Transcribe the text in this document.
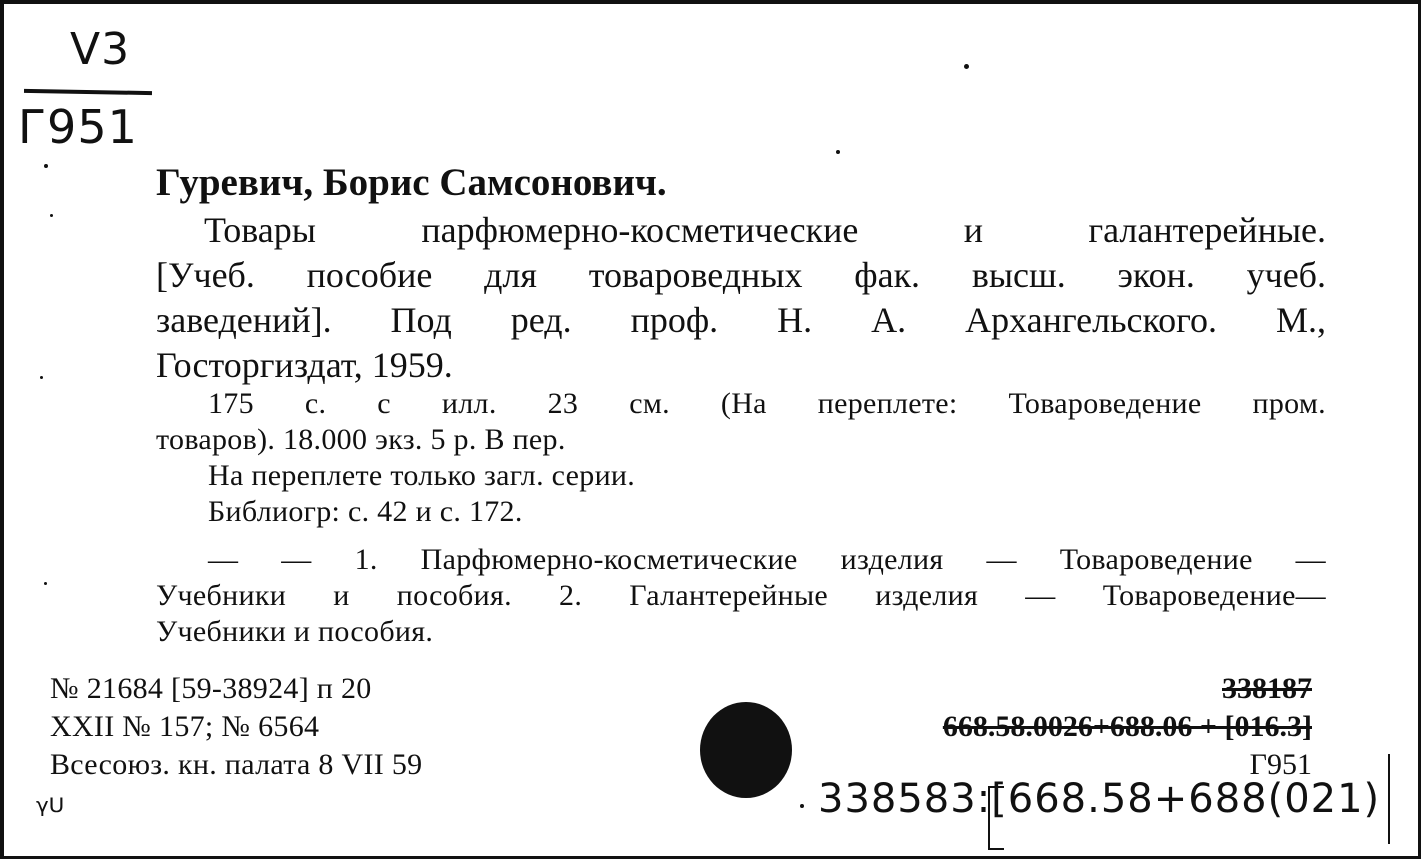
V3
Г951
Гуревич, Борис Самсонович.

Товары парфюмерно-косметические и галантерейные.

[Учеб. пособие для товароведных фак. высш. экон. учеб.

заведений]. Под ред. проф. Н. А. Архангельского. М.,

Госторгиздат, 1959.

175 с. с илл. 23 см. (На переплете: Товароведение пром.

товаров). 18.000 экз. 5 р. В пер.

На переплете только загл. серии.

Библиогр: с. 42 и с. 172.

— — 1. Парфюмерно-косметические изделия — Товароведение —

Учебники и пособия. 2. Галантерейные изделия — Товароведение—

Учебники и пособия.

№ 21684 [59-38924] п 20

XXII № 157; № 6564

Всесоюз. кн. палата 8 VII 59

338187

668.58.0026+688.06 + [016.3]

Г951

338583:[668.58+688(021)
ᵞᵁ
